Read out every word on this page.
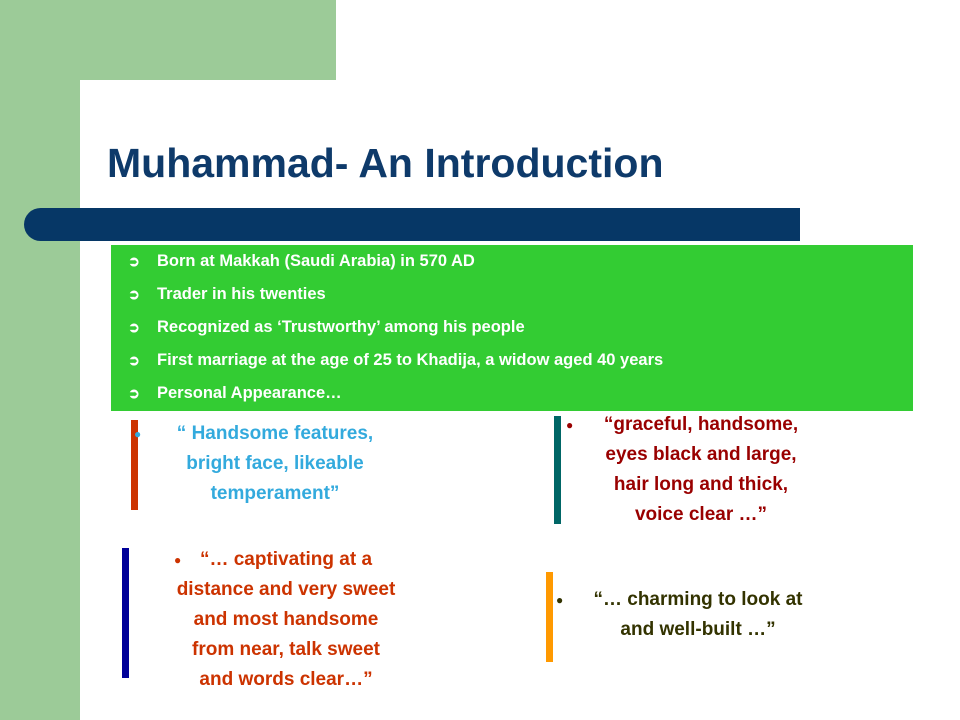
Muhammad- An Introduction
➲	Born at Makkah (Saudi Arabia) in 570 AD
➲	Trader in his twenties
➲	Recognized as ‘Trustworthy’ among his people
➲	First marriage at the age of 25 to Khadija, a widow aged 40 years
➲	Personal Appearance…
●	“ Handsome features,
bright face, likeable
temperament”
●	“graceful, handsome,
eyes black and large,
hair long and thick,
voice clear …”
● “… captivating at a
distance and very sweet
and most handsome
from near, talk sweet
and words clear…”
●	“… charming to look at
and well-built …”
